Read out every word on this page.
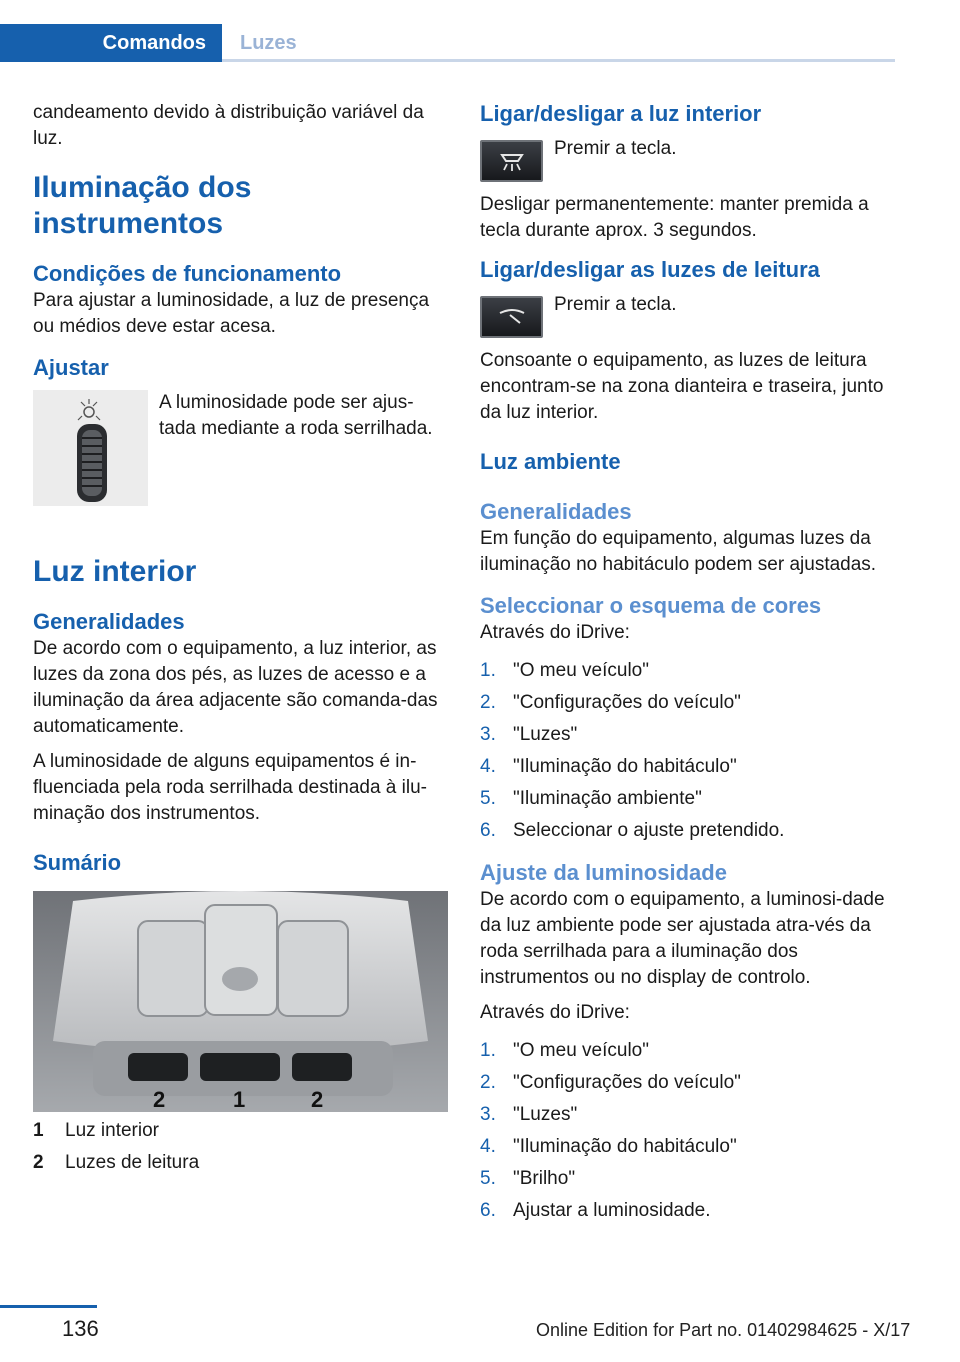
Comandos	Luzes

candeamento devido à distribuição variável da luz.

Iluminação dos instrumentos
Condições de funcionamento

Para ajustar a luminosidade, a luz de presença ou médios deve estar acesa.

Ajustar

A luminosidade pode ser ajus-tada mediante a roda serrilhada.

Luz interior
Generalidades

De acordo com o equipamento, a luz interior, as luzes da zona dos pés, as luzes de acesso e a iluminação da área adjacente são comanda-das automaticamente.

A luminosidade de alguns equipamentos é in-fluenciada pela roda serrilhada destinada à ilu-minação dos instrumentos.

Sumário
2	1	2
1	Luz interior
2	Luzes de leitura
Ligar/desligar a luz interior

Premir a tecla.

Desligar permanentemente: manter premida a tecla durante aprox. 3 segundos.

Ligar/desligar as luzes de leitura

Premir a tecla.

Consoante o equipamento, as luzes de leitura encontram-se na zona dianteira e traseira, junto da luz interior.

Luz ambiente
Generalidades

Em função do equipamento, algumas luzes da iluminação no habitáculo podem ser ajustadas.

Seleccionar o esquema de cores

Através do iDrive:

1. "O meu veículo"
2. "Configurações do veículo"
3. "Luzes"
4. "Iluminação do habitáculo"
5. "Iluminação ambiente"
6. Seleccionar o ajuste pretendido.
Ajuste da luminosidade

De acordo com o equipamento, a luminosi-dade da luz ambiente pode ser ajustada atra-vés da roda serrilhada para a iluminação dos instrumentos ou no display de controlo.

Através do iDrive:

1. "O meu veículo"
2. "Configurações do veículo"
3. "Luzes"
4. "Iluminação do habitáculo"
5. "Brilho"
6. Ajustar a luminosidade.
136	Online Edition for Part no. 01402984625 - X/17
